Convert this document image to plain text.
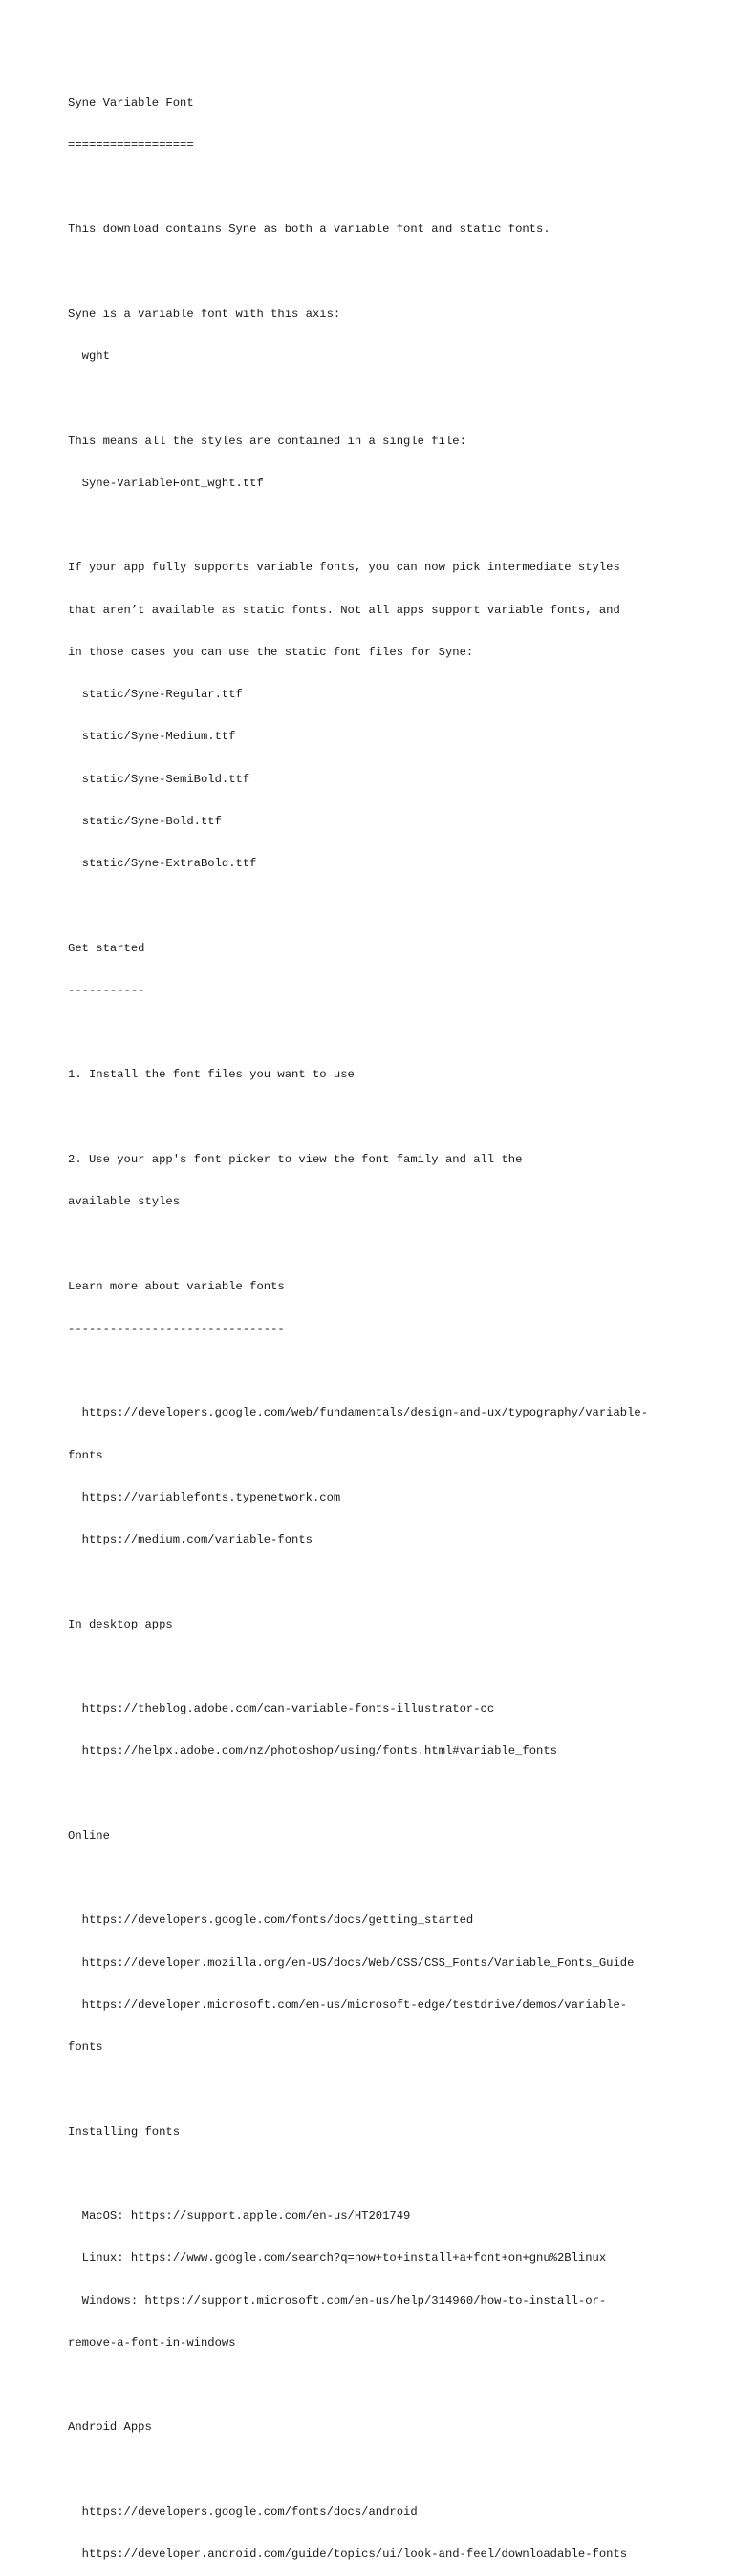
Syne Variable Font

==================

This download contains Syne as both a variable font and static fonts.

Syne is a variable font with this axis:

wght

This means all the styles are contained in a single file:

Syne-VariableFont_wght.ttf

If your app fully supports variable fonts, you can now pick intermediate styles

that aren’t available as static fonts. Not all apps support variable fonts, and

in those cases you can use the static font files for Syne:

static/Syne-Regular.ttf

static/Syne-Medium.ttf

static/Syne-SemiBold.ttf

static/Syne-Bold.ttf

static/Syne-ExtraBold.ttf

Get started

-----------

1. Install the font files you want to use

2. Use your app's font picker to view the font family and all the

available styles

Learn more about variable fonts

-------------------------------

https://developers.google.com/web/fundamentals/design-and-ux/typography/variable-

fonts

https://variablefonts.typenetwork.com

https://medium.com/variable-fonts

In desktop apps

https://theblog.adobe.com/can-variable-fonts-illustrator-cc

https://helpx.adobe.com/nz/photoshop/using/fonts.html#variable_fonts

Online

https://developers.google.com/fonts/docs/getting_started

https://developer.mozilla.org/en-US/docs/Web/CSS/CSS_Fonts/Variable_Fonts_Guide

https://developer.microsoft.com/en-us/microsoft-edge/testdrive/demos/variable-

fonts

Installing fonts

MacOS: https://support.apple.com/en-us/HT201749

Linux: https://www.google.com/search?q=how+to+install+a+font+on+gnu%2Blinux

Windows: https://support.microsoft.com/en-us/help/314960/how-to-install-or-

remove-a-font-in-windows

Android Apps

https://developers.google.com/fonts/docs/android

https://developer.android.com/guide/topics/ui/look-and-feel/downloadable-fonts
